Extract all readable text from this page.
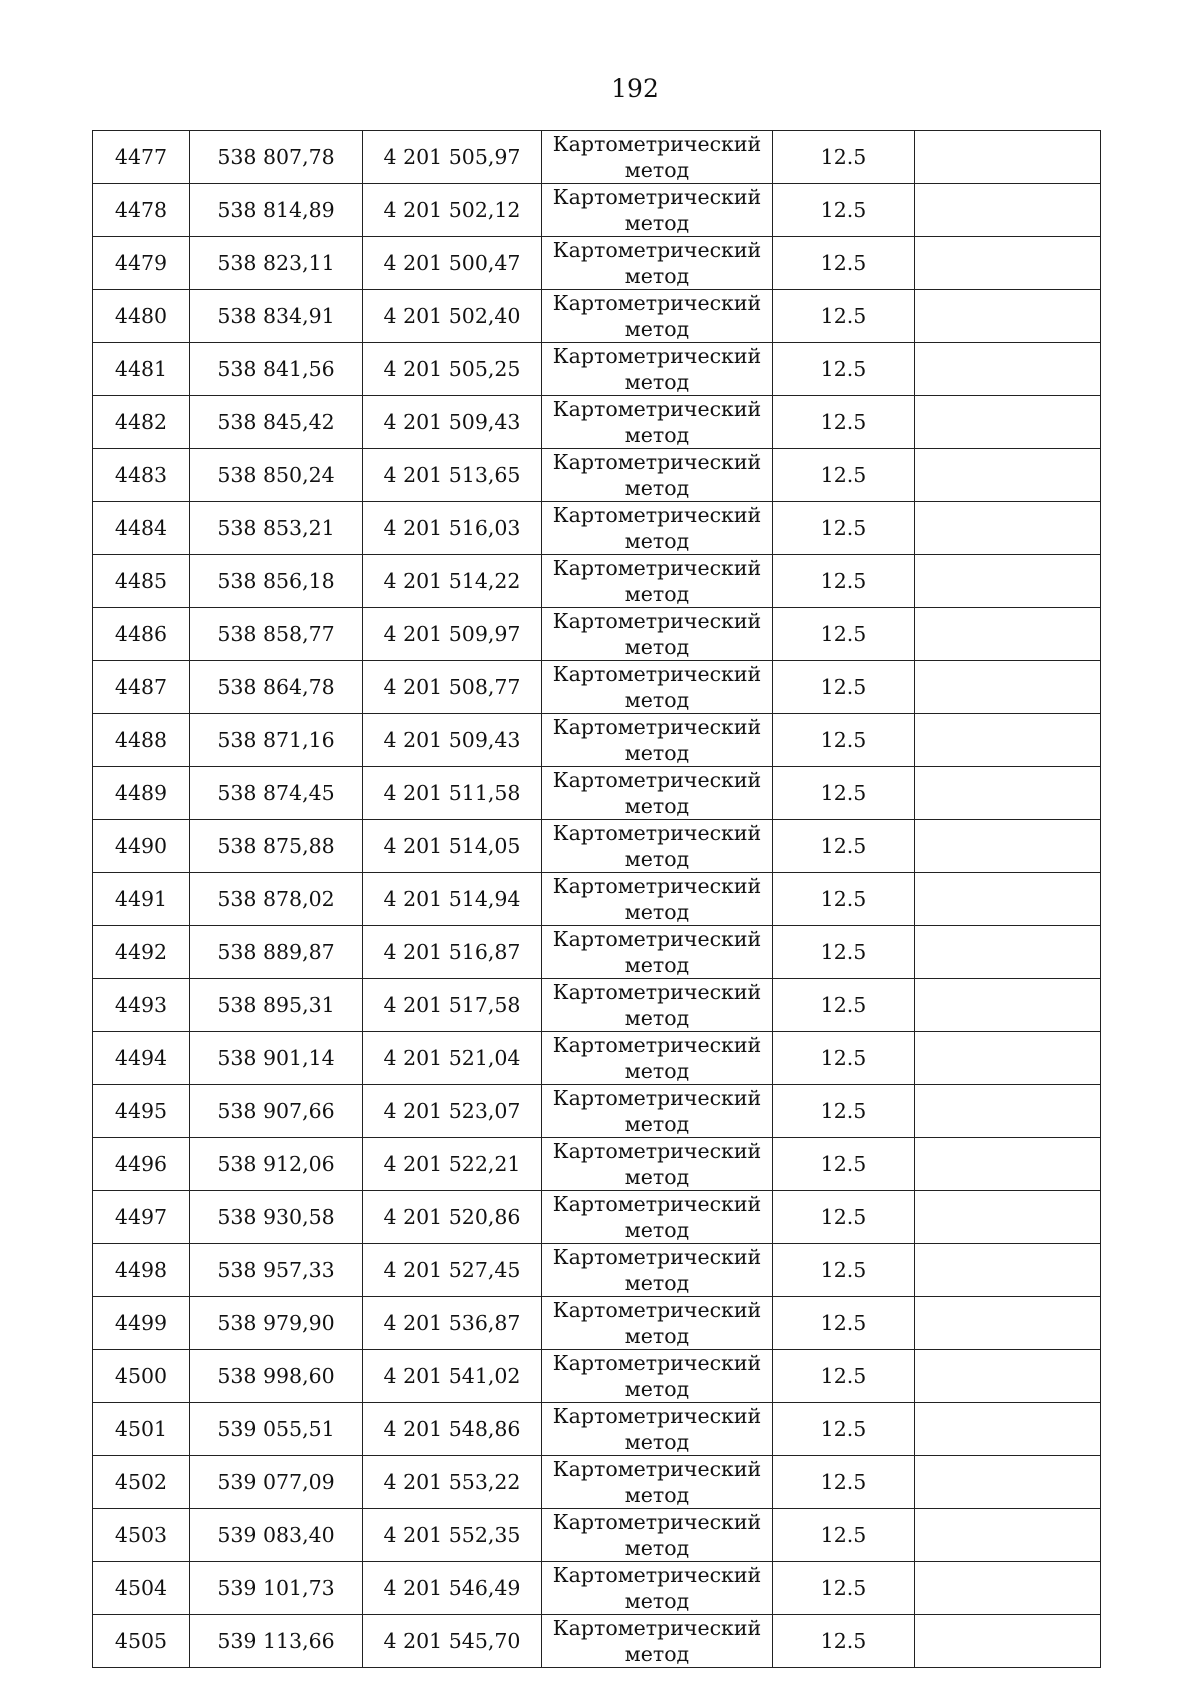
192
4477	538 807,78	4 201 505,97	Картометрический
метод	12.5	
4478	538 814,89	4 201 502,12	Картометрический
метод	12.5	
4479	538 823,11	4 201 500,47	Картометрический
метод	12.5	
4480	538 834,91	4 201 502,40	Картометрический
метод	12.5	
4481	538 841,56	4 201 505,25	Картометрический
метод	12.5	
4482	538 845,42	4 201 509,43	Картометрический
метод	12.5	
4483	538 850,24	4 201 513,65	Картометрический
метод	12.5	
4484	538 853,21	4 201 516,03	Картометрический
метод	12.5	
4485	538 856,18	4 201 514,22	Картометрический
метод	12.5	
4486	538 858,77	4 201 509,97	Картометрический
метод	12.5	
4487	538 864,78	4 201 508,77	Картометрический
метод	12.5	
4488	538 871,16	4 201 509,43	Картометрический
метод	12.5	
4489	538 874,45	4 201 511,58	Картометрический
метод	12.5	
4490	538 875,88	4 201 514,05	Картометрический
метод	12.5	
4491	538 878,02	4 201 514,94	Картометрический
метод	12.5	
4492	538 889,87	4 201 516,87	Картометрический
метод	12.5	
4493	538 895,31	4 201 517,58	Картометрический
метод	12.5	
4494	538 901,14	4 201 521,04	Картометрический
метод	12.5	
4495	538 907,66	4 201 523,07	Картометрический
метод	12.5	
4496	538 912,06	4 201 522,21	Картометрический
метод	12.5	
4497	538 930,58	4 201 520,86	Картометрический
метод	12.5	
4498	538 957,33	4 201 527,45	Картометрический
метод	12.5	
4499	538 979,90	4 201 536,87	Картометрический
метод	12.5	
4500	538 998,60	4 201 541,02	Картометрический
метод	12.5	
4501	539 055,51	4 201 548,86	Картометрический
метод	12.5	
4502	539 077,09	4 201 553,22	Картометрический
метод	12.5	
4503	539 083,40	4 201 552,35	Картометрический
метод	12.5	
4504	539 101,73	4 201 546,49	Картометрический
метод	12.5	
4505	539 113,66	4 201 545,70	Картометрический
метод	12.5	
